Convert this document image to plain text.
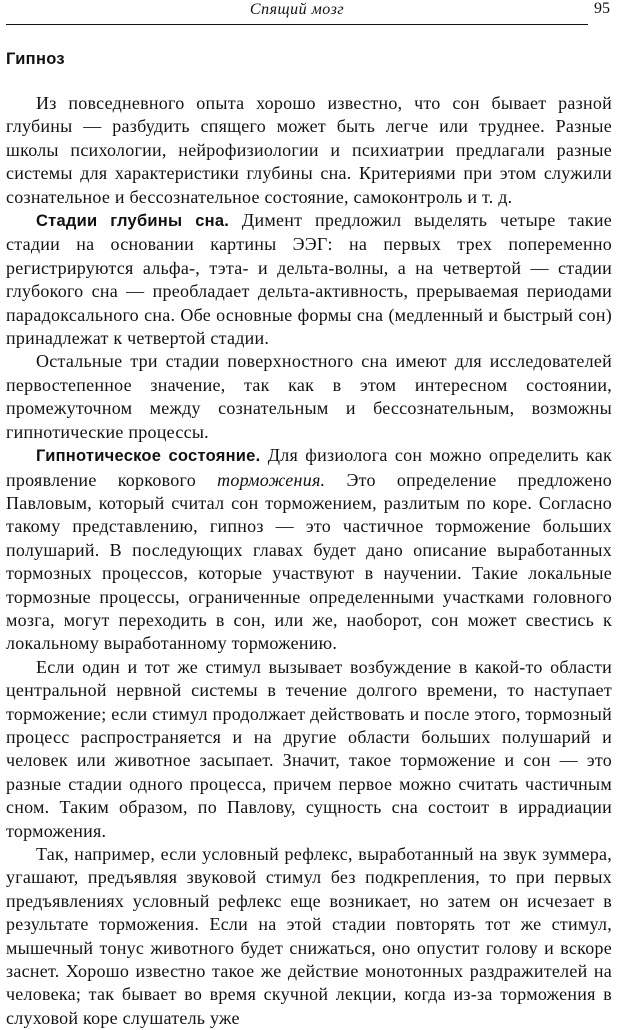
Спящий мозг	95
Гипноз

Из повседневного опыта хорошо известно, что сон бывает разной глубины — разбудить спящего может быть легче или труднее. Разные школы психологии, нейрофизиологии и психиатрии предлагали разные системы для характеристики глубины сна. Критериями при этом служили сознательное и бессознательное состояние, самоконтроль и т. д.

Стадии глубины сна. Димент предложил выделять четыре такие стадии на основании картины ЭЭГ: на первых трех попеременно регистрируются альфа-, тэта- и дельта-волны, а на четвертой — стадии глубокого сна — преобладает дельта-активность, прерываемая периодами парадоксального сна. Обе основные формы сна (медленный и быстрый сон) принадлежат к четвертой стадии.

Остальные три стадии поверхностного сна имеют для исследователей первостепенное значение, так как в этом интересном состоянии, промежуточном между сознательным и бессознательным, возможны гипнотические процессы.

Гипнотическое состояние. Для физиолога сон можно определить как проявление коркового торможения. Это определение предложено Павловым, который считал сон торможением, разлитым по коре. Согласно такому представлению, гипноз — это частичное торможение больших полушарий. В последующих главах будет дано описание выработанных тормозных процессов, которые участвуют в научении. Такие локальные тормозные процессы, ограниченные определенными участками головного мозга, могут переходить в сон, или же, наоборот, сон может свестись к локальному выработанному торможению.

Если один и тот же стимул вызывает возбуждение в какой-то области центральной нервной системы в течение долгого времени, то наступает торможение; если стимул продолжает действовать и после этого, тормозный процесс распространяется и на другие области больших полушарий и человек или животное засыпает. Значит, такое торможение и сон — это разные стадии одного процесса, причем первое можно считать частичным сном. Таким образом, по Павлову, сущность сна состоит в иррадиации торможения.

Так, например, если условный рефлекс, выработанный на звук зуммера, угашают, предъявляя звуковой стимул без подкрепления, то при первых предъявлениях условный рефлекс еще возникает, но затем он исчезает в результате торможения. Если на этой стадии повторять тот же стимул, мышечный тонус животного будет снижаться, оно опустит голову и вскоре заснет. Хорошо известно такое же действие монотонных раздражителей на человека; так бывает во время скучной лекции, когда из-за торможения в слуховой коре слушатель уже
